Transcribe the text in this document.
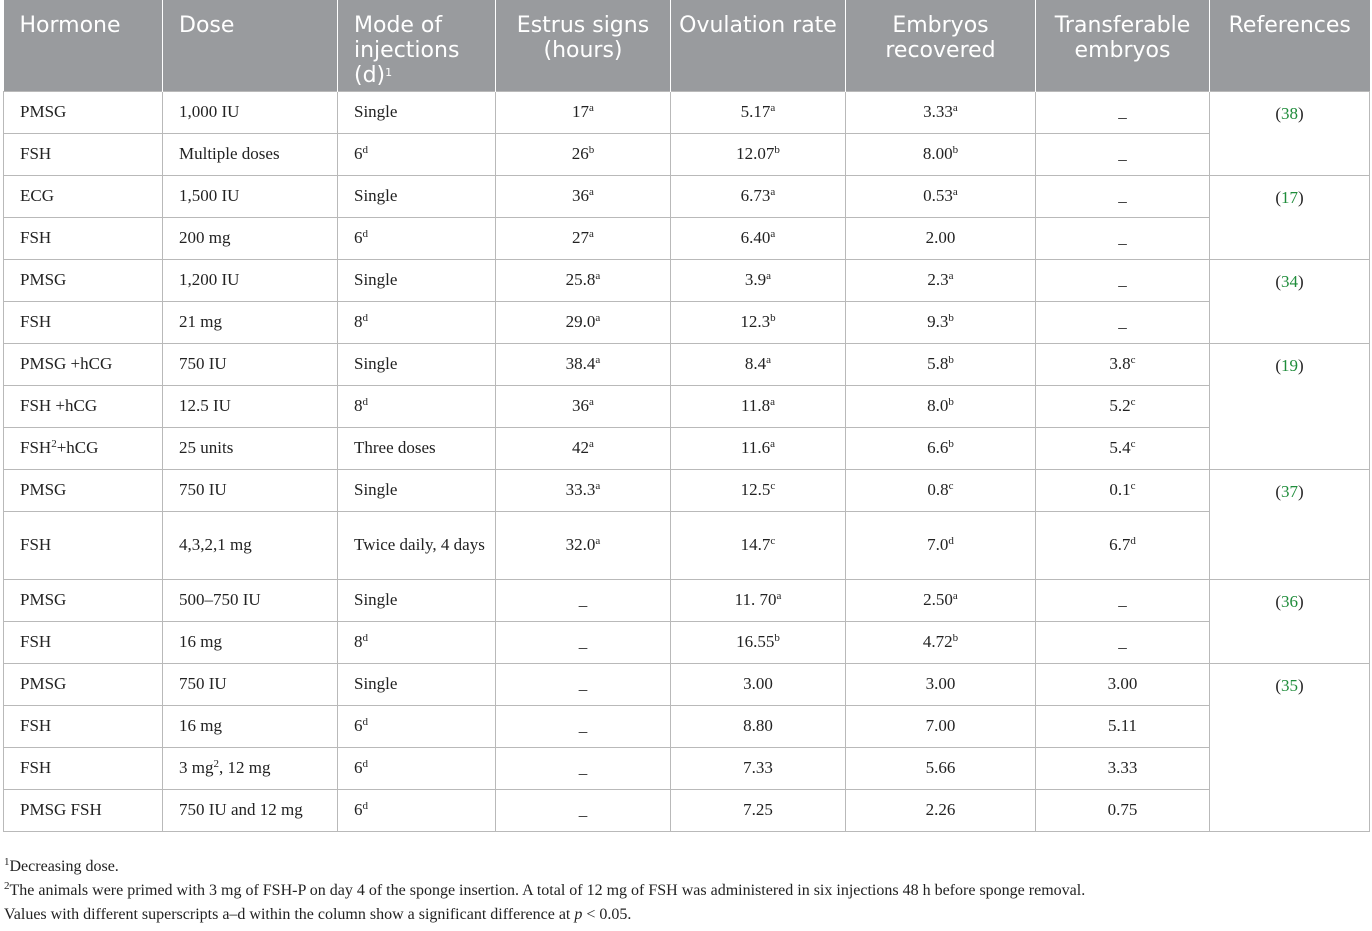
Hormone	Dose	Mode of injections $(d)^1$	Estrus signs (hours)	Ovulation rate	Embryos recovered	Transferable embryos	References
PMSG	1,000 IU	Single	17$^a$	5.17$^a$	3.33$^a$	_	(38)
FSH	Multiple doses	6$^d$	26$^b$	12.07$^b$	8.00$^b$	_	
ECG	1,500 IU	Single	36$^a$	6.73$^a$	0.53$^a$	_	(17)
FSH	200 mg	6$^d$	27$^a$	6.40$^a$	2.00	_	
PMSG	1,200 IU	Single	25.8$^a$	3.9$^a$	2.3$^a$	_	(34)
FSH	21 mg	8$^d$	29.0$^a$	12.3$^b$	9.3$^b$	_	
PMSG +hCG	750 IU	Single	38.4$^a$	8.4$^a$	5.8$^b$	3.8$^c$	(19)
FSH +hCG	12.5 IU	8$^d$	36$^a$	11.8$^a$	8.0$^b$	5.2$^c$
$FSH^2+hCG$	25 units	Three doses	42$^a$	11.6$^a$	6.6$^b$	5.4$^c$
PMSG	750 IU	Single	33.3$^a$	12.5$^c$	0.8$^c$	0.1$^c$	(37)
FSH	4,3,2,1 mg	Twice daily, 4 days	32.0$^a$	14.7$^c$	7.0$^d$	6.7$^d$
PMSG	500–750 IU	Single	_	11. 70$^a$	2.50$^a$	_	(36)
FSH	16 mg	8$^d$	_	16.55$^b$	4.72$^b$	_	
PMSG	750 IU	Single	_	3.00	3.00	3.00	(35)
FSH	16 mg	6$^d$	_	8.80	7.00	5.11	
FSH	3 $mg^2$, 12 mg	6$^d$	_	7.33	5.66	3.33	
PMSG FSH	750 IU and 12 mg	6$^d$	_	7.25	2.26	0.75	

$^1$Decreasing dose.

$^2$The animals were primed with 3 mg of FSH-P on day 4 of the sponge insertion. A total of 12 mg of FSH was administered in six injections 48 h before sponge removal.

Values with different superscripts a–d within the column show a significant difference at p < 0.05.
